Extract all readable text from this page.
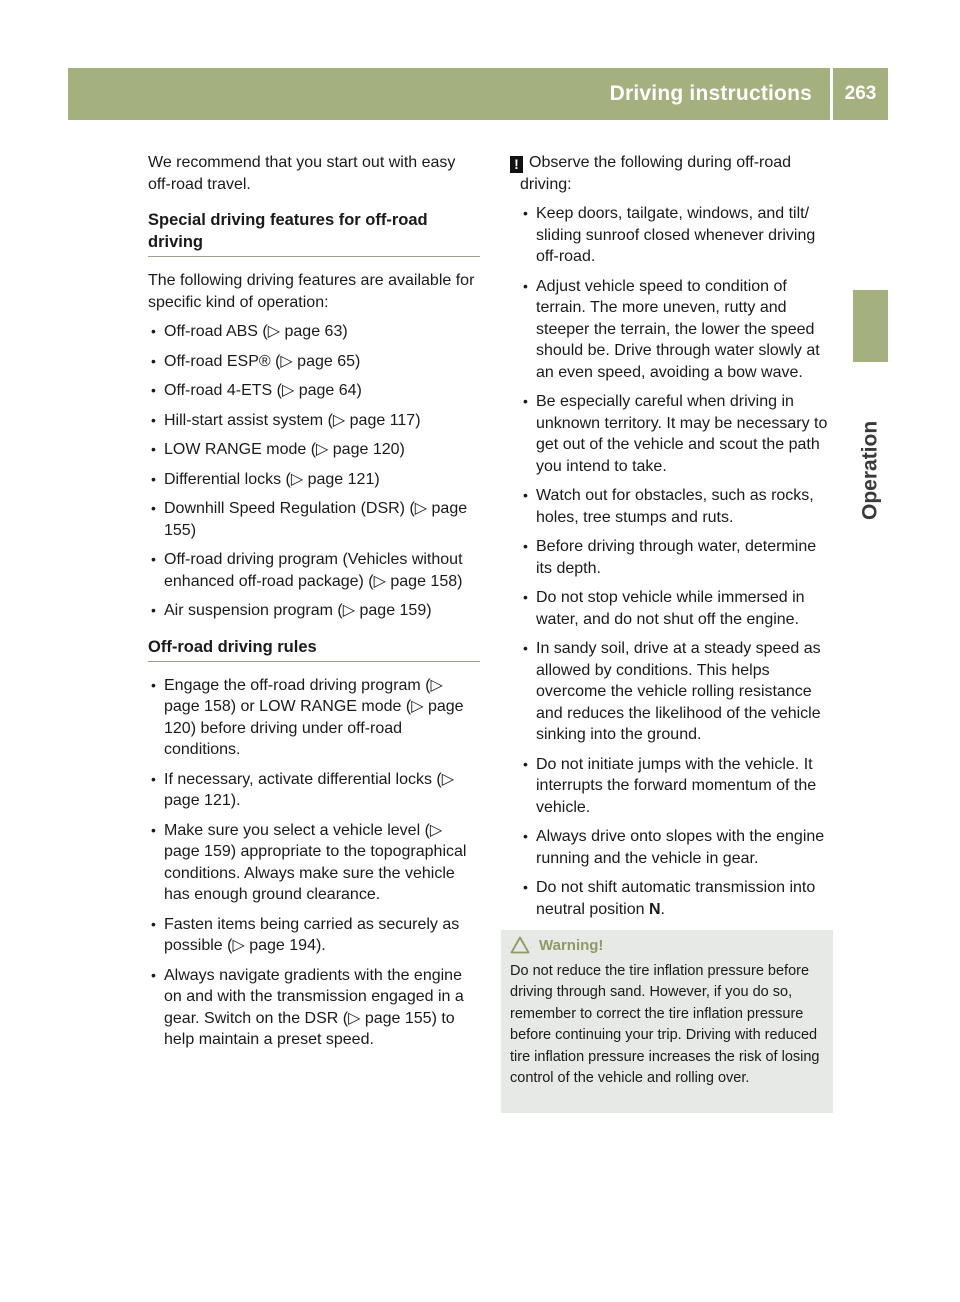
Driving instructions	263
Operation

We recommend that you start out with easy off-road travel.

Special driving features for off-road driving

The following driving features are available for specific kind of operation:

• Off-road ABS (▷ page 63)
• Off-road ESP® (▷ page 65)
• Off-road 4-ETS (▷ page 64)
• Hill-start assist system (▷ page 117)
• LOW RANGE mode (▷ page 120)
• Differential locks (▷ page 121)
• Downhill Speed Regulation (DSR) (▷ page 155)
• Off-road driving program (Vehicles without enhanced off-road package) (▷ page 158)
• Air suspension program (▷ page 159)
Off-road driving rules
• Engage the off-road driving program (▷ page 158) or LOW RANGE mode (▷ page 120) before driving under off-road conditions.
• If necessary, activate differential locks (▷ page 121).
• Make sure you select a vehicle level (▷ page 159) appropriate to the topographical conditions. Always make sure the vehicle has enough ground clearance.
• Fasten items being carried as securely as possible (▷ page 194).
• Always navigate gradients with the engine on and with the transmission engaged in a gear. Switch on the DSR (▷ page 155) to help maintain a preset speed.

! Observe the following during off-road driving:

• Keep doors, tailgate, windows, and tilt/ sliding sunroof closed whenever driving off-road.
• Adjust vehicle speed to condition of terrain. The more uneven, rutty and steeper the terrain, the lower the speed should be. Drive through water slowly at an even speed, avoiding a bow wave.
• Be especially careful when driving in unknown territory. It may be necessary to get out of the vehicle and scout the path you intend to take.
• Watch out for obstacles, such as rocks, holes, tree stumps and ruts.
• Before driving through water, determine its depth.
• Do not stop vehicle while immersed in water, and do not shut off the engine.
• In sandy soil, drive at a steady speed as allowed by conditions. This helps overcome the vehicle rolling resistance and reduces the likelihood of the vehicle sinking into the ground.
• Do not initiate jumps with the vehicle. It interrupts the forward momentum of the vehicle.
• Always drive onto slopes with the engine running and the vehicle in gear.
• Do not shift automatic transmission into neutral position N.
Warning!

Do not reduce the tire inflation pressure before driving through sand. However, if you do so, remember to correct the tire inflation pressure before continuing your trip. Driving with reduced tire inflation pressure increases the risk of losing control of the vehicle and rolling over.
